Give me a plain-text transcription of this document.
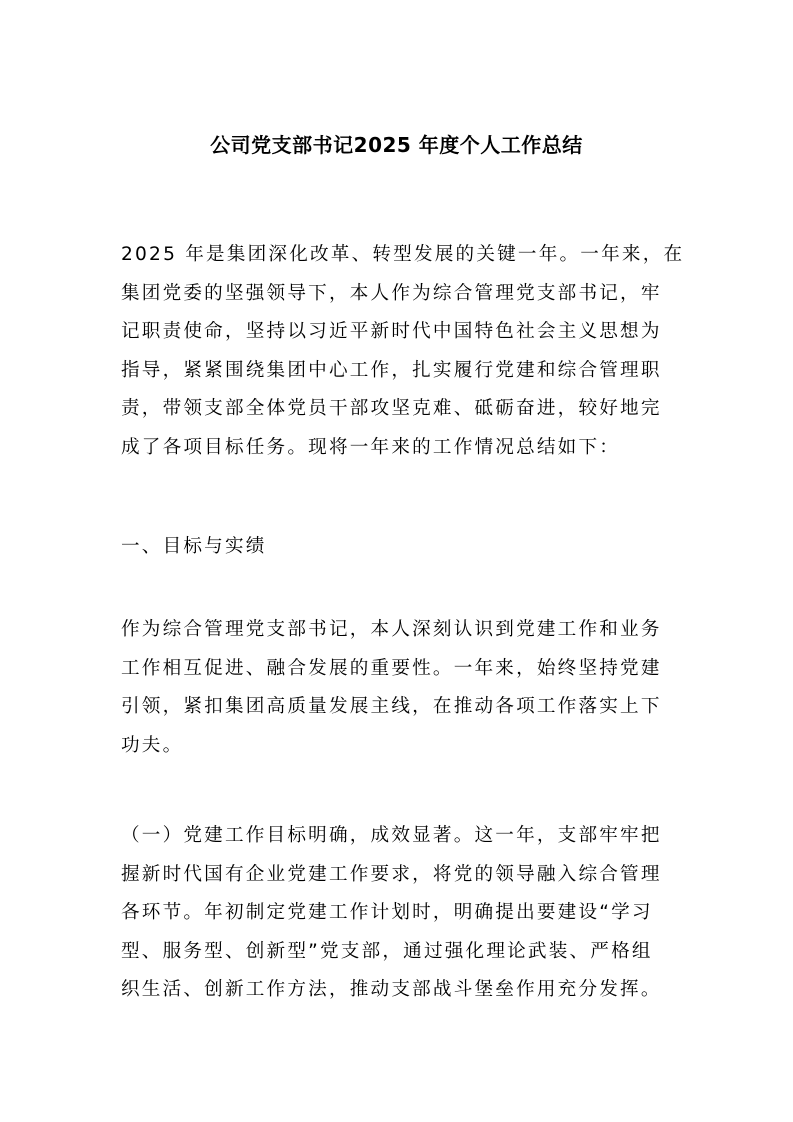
公司党支部书记2025 年度个人工作总结
2025 年是集团深化改革、转型发展的关键一年。一年来，在
集团党委的坚强领导下，本人作为综合管理党支部书记，牢
记职责使命，坚持以习近平新时代中国特色社会主义思想为
指导，紧紧围绕集团中心工作，扎实履行党建和综合管理职
责，带领支部全体党员干部攻坚克难、砥砺奋进，较好地完
成了各项目标任务。现将一年来的工作情况总结如下：
一、目标与实绩
作为综合管理党支部书记，本人深刻认识到党建工作和业务
工作相互促进、融合发展的重要性。一年来，始终坚持党建
引领，紧扣集团高质量发展主线，在推动各项工作落实上下
功夫。
（一）党建工作目标明确，成效显著。这一年，支部牢牢把
握新时代国有企业党建工作要求，将党的领导融入综合管理
各环节。年初制定党建工作计划时，明确提出要建设“学习
型、服务型、创新型”党支部，通过强化理论武装、严格组
织生活、创新工作方法，推动支部战斗堡垒作用充分发挥。
